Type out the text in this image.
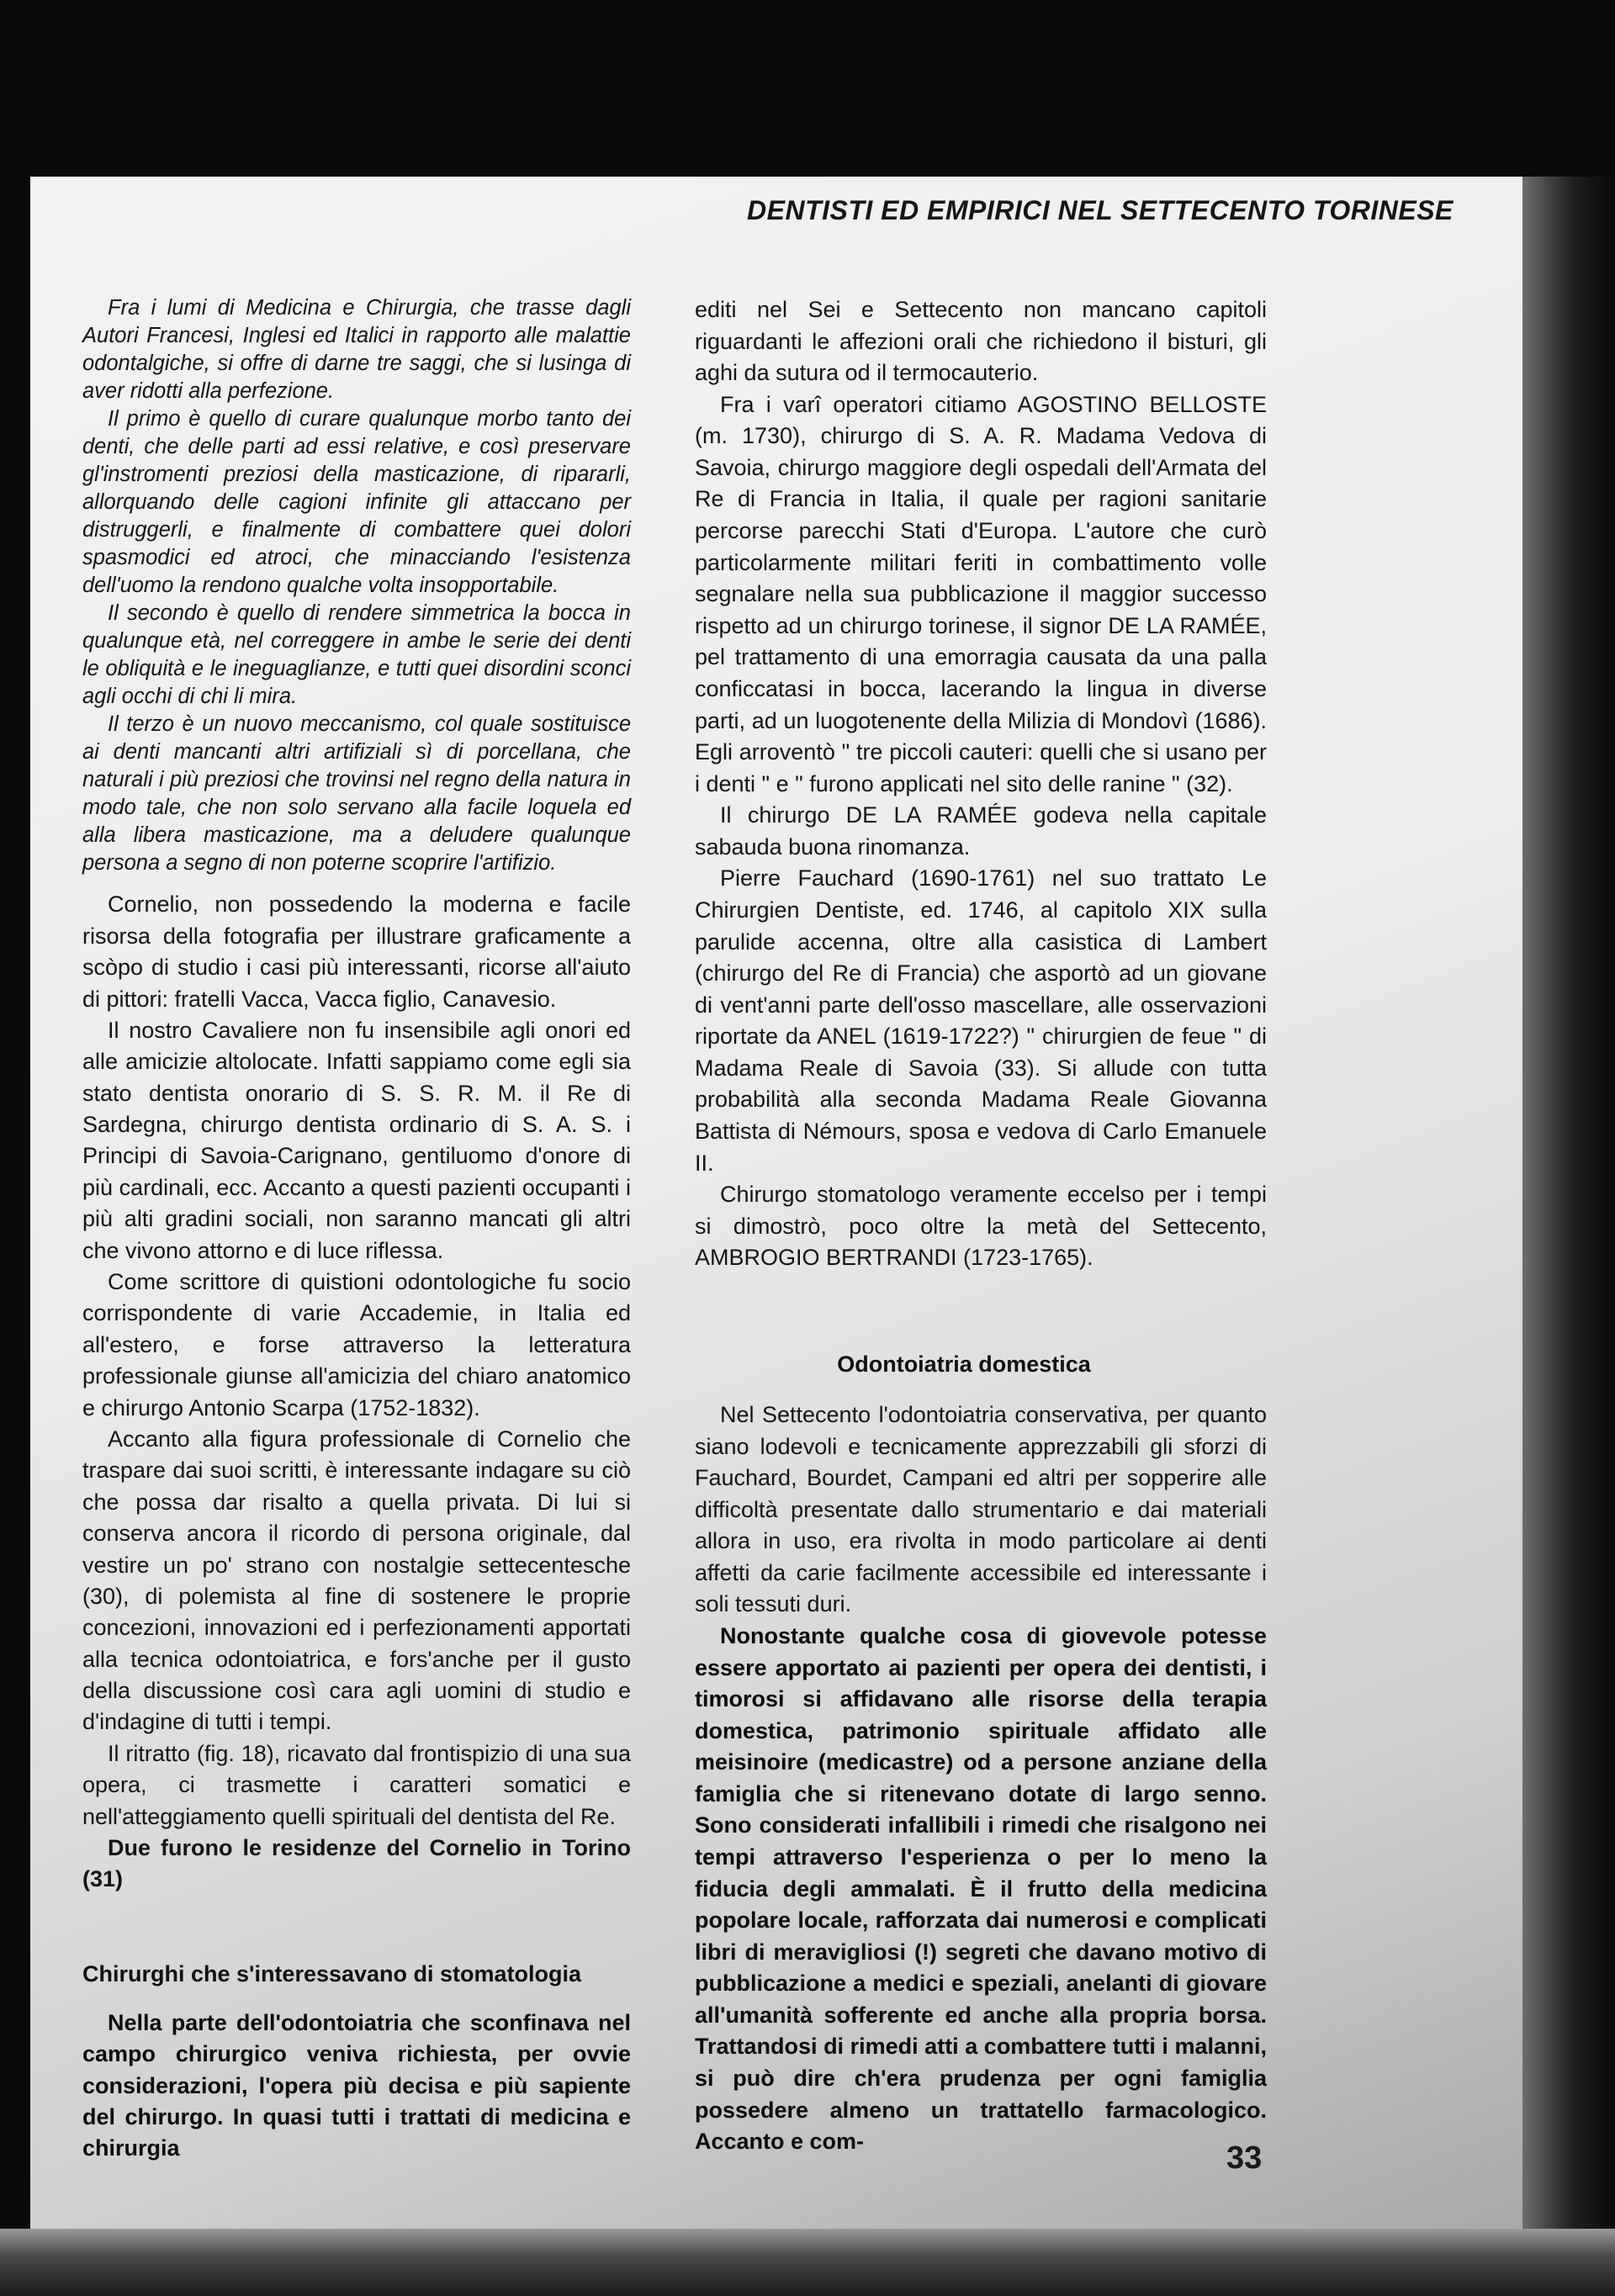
DENTISTI ED EMPIRICI NEL SETTECENTO TORINESE

Fra i lumi di Medicina e Chirurgia, che trasse dagli Autori Francesi, Inglesi ed Italici in rapporto alle malattie odontalgiche, si offre di darne tre saggi, che si lusinga di aver ridotti alla perfezione.

Il primo è quello di curare qualunque morbo tanto dei denti, che delle parti ad essi relative, e così preservare gl'instromenti preziosi della masticazione, di ripararli, allorquando delle cagioni infinite gli attaccano per distruggerli, e finalmente di combattere quei dolori spasmodici ed atroci, che minacciando l'esistenza dell'uomo la rendono qualche volta insopportabile.

Il secondo è quello di rendere simmetrica la bocca in qualunque età, nel correggere in ambe le serie dei denti le obliquità e le ineguaglianze, e tutti quei disordini sconci agli occhi di chi li mira.

Il terzo è un nuovo meccanismo, col quale sostituisce ai denti mancanti altri artifiziali sì di porcellana, che naturali i più preziosi che trovinsi nel regno della natura in modo tale, che non solo servano alla facile loquela ed alla libera masticazione, ma a deludere qualunque persona a segno di non poterne scoprire l'artifizio.

Cornelio, non possedendo la moderna e facile risorsa della fotografia per illustrare graficamente a scòpo di studio i casi più interessanti, ricorse all'aiuto di pittori: fratelli Vacca, Vacca figlio, Canavesio.

Il nostro Cavaliere non fu insensibile agli onori ed alle amicizie altolocate. Infatti sappiamo come egli sia stato dentista onorario di S. S. R. M. il Re di Sardegna, chirurgo dentista ordinario di S. A. S. i Principi di Savoia-Carignano, gentiluomo d'onore di più cardinali, ecc. Accanto a questi pazienti occupanti i più alti gradini sociali, non saranno mancati gli altri che vivono attorno e di luce riflessa.

Come scrittore di quistioni odontologiche fu socio corrispondente di varie Accademie, in Italia ed all'estero, e forse attraverso la letteratura professionale giunse all'amicizia del chiaro anatomico e chirurgo Antonio Scarpa (1752-1832).

Accanto alla figura professionale di Cornelio che traspare dai suoi scritti, è interessante indagare su ciò che possa dar risalto a quella privata. Di lui si conserva ancora il ricordo di persona originale, dal vestire un po' strano con nostalgie settecentesche (30), di polemista al fine di sostenere le proprie concezioni, innovazioni ed i perfezionamenti apportati alla tecnica odontoiatrica, e fors'anche per il gusto della discussione così cara agli uomini di studio e d'indagine di tutti i tempi.

Il ritratto (fig. 18), ricavato dal frontispizio di una sua opera, ci trasmette i caratteri somatici e nell'atteggiamento quelli spirituali del dentista del Re.

Due furono le residenze del Cornelio in Torino (31)

Chirurghi che s'interessavano di stomatologia

Nella parte dell'odontoiatria che sconfinava nel campo chirurgico veniva richiesta, per ovvie considerazioni, l'opera più decisa e più sapiente del chirurgo. In quasi tutti i trattati di medicina e chirurgia

editi nel Sei e Settecento non mancano capitoli riguardanti le affezioni orali che richiedono il bisturi, gli aghi da sutura od il termocauterio.

Fra i varî operatori citiamo AGOSTINO BELLOSTE (m. 1730), chirurgo di S. A. R. Madama Vedova di Savoia, chirurgo maggiore degli ospedali dell'Armata del Re di Francia in Italia, il quale per ragioni sanitarie percorse parecchi Stati d'Europa. L'autore che curò particolarmente militari feriti in combattimento volle segnalare nella sua pubblicazione il maggior successo rispetto ad un chirurgo torinese, il signor DE LA RAMÉE, pel trattamento di una emorragia causata da una palla conficcatasi in bocca, lacerando la lingua in diverse parti, ad un luogotenente della Milizia di Mondovì (1686). Egli arroventò " tre piccoli cauteri: quelli che si usano per i denti " e " furono applicati nel sito delle ranine " (32).

Il chirurgo DE LA RAMÉE godeva nella capitale sabauda buona rinomanza.

Pierre Fauchard (1690-1761) nel suo trattato Le Chirurgien Dentiste, ed. 1746, al capitolo XIX sulla parulide accenna, oltre alla casistica di Lambert (chirurgo del Re di Francia) che asportò ad un giovane di vent'anni parte dell'osso mascellare, alle osservazioni riportate da ANEL (1619-1722?) " chirurgien de feue " di Madama Reale di Savoia (33). Si allude con tutta probabilità alla seconda Madama Reale Giovanna Battista di Némours, sposa e vedova di Carlo Emanuele II.

Chirurgo stomatologo veramente eccelso per i tempi si dimostrò, poco oltre la metà del Settecento, AMBROGIO BERTRANDI (1723-1765).

Odontoiatria domestica

Nel Settecento l'odontoiatria conservativa, per quanto siano lodevoli e tecnicamente apprezzabili gli sforzi di Fauchard, Bourdet, Campani ed altri per sopperire alle difficoltà presentate dallo strumentario e dai materiali allora in uso, era rivolta in modo particolare ai denti affetti da carie facilmente accessibile ed interessante i soli tessuti duri.

Nonostante qualche cosa di giovevole potesse essere apportato ai pazienti per opera dei dentisti, i timorosi si affidavano alle risorse della terapia domestica, patrimonio spirituale affidato alle meisinoire (medicastre) od a persone anziane della famiglia che si ritenevano dotate di largo senno. Sono considerati infallibili i rimedi che risalgono nei tempi attraverso l'esperienza o per lo meno la fiducia degli ammalati. È il frutto della medicina popolare locale, rafforzata dai numerosi e complicati libri di meravigliosi (!) segreti che davano motivo di pubblicazione a medici e speziali, anelanti di giovare all'umanità sofferente ed anche alla propria borsa. Trattandosi di rimedi atti a combattere tutti i malanni, si può dire ch'era prudenza per ogni famiglia possedere almeno un trattatello farmacologico. Accanto e com-	33
